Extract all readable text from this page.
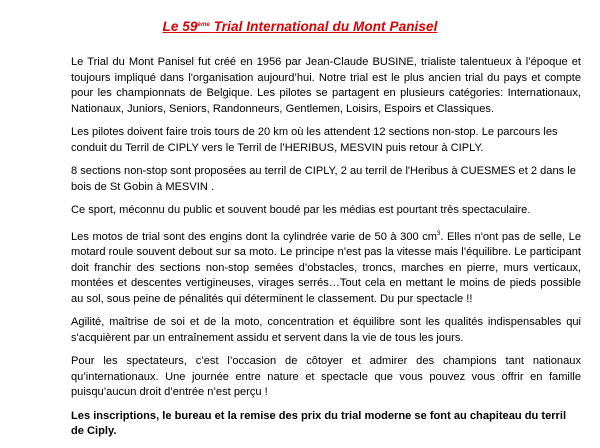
Le 59ème Trial International du Mont Panisel

Le Trial du Mont Panisel fut créé en 1956 par Jean-Claude BUSINE, trialiste talentueux à l’époque et toujours impliqué dans l'organisation aujourd’hui. Notre trial est le plus ancien trial du pays et compte pour les championnats de Belgique. Les pilotes se partagent en plusieurs catégories: Internationaux, Nationaux, Juniors, Seniors, Randonneurs, Gentlemen, Loisirs, Espoirs et Classiques.

Les pilotes doivent faire trois tours de 20 km où les attendent 12 sections non-stop. Le parcours les conduit du Terril de CIPLY vers le Terril de l’HERIBUS, MESVIN puis retour à CIPLY.

8 sections non-stop sont proposées au terril de CIPLY, 2 au terril de l'Heribus à CUESMES et 2 dans le bois de St Gobin à MESVIN .

Ce sport, méconnu du public et souvent boudé par les médias est pourtant très spectaculaire.

Les motos de trial sont des engins dont la cylindrée varie de 50 à 300 $cm^3$. Elles n'ont pas de selle, Le motard roule souvent debout sur sa moto. Le principe n’est pas la vitesse mais l’équilibre. Le participant doit franchir des sections non-stop semées d’obstacles, troncs, marches en pierre, murs verticaux, montées et descentes vertigineuses, virages serrés…Tout cela en mettant le moins de pieds possible au sol, sous peine de pénalités qui déterminent le classement. Du pur spectacle !!

Agilité, maîtrise de soi et de la moto, concentration et équilibre sont les qualités indispensables qui s'acquièrent par un entraînement assidu et servent dans la vie de tous les jours.

Pour les spectateurs, c’est l’occasion de côtoyer et admirer des champions tant nationaux qu’internationaux. Une journée entre nature et spectacle que vous pouvez vous offrir en famille puisqu’aucun droit d’entrée n’est perçu !

Les inscriptions, le bureau et la remise des prix du trial moderne se font au chapiteau du terril de Ciply.
